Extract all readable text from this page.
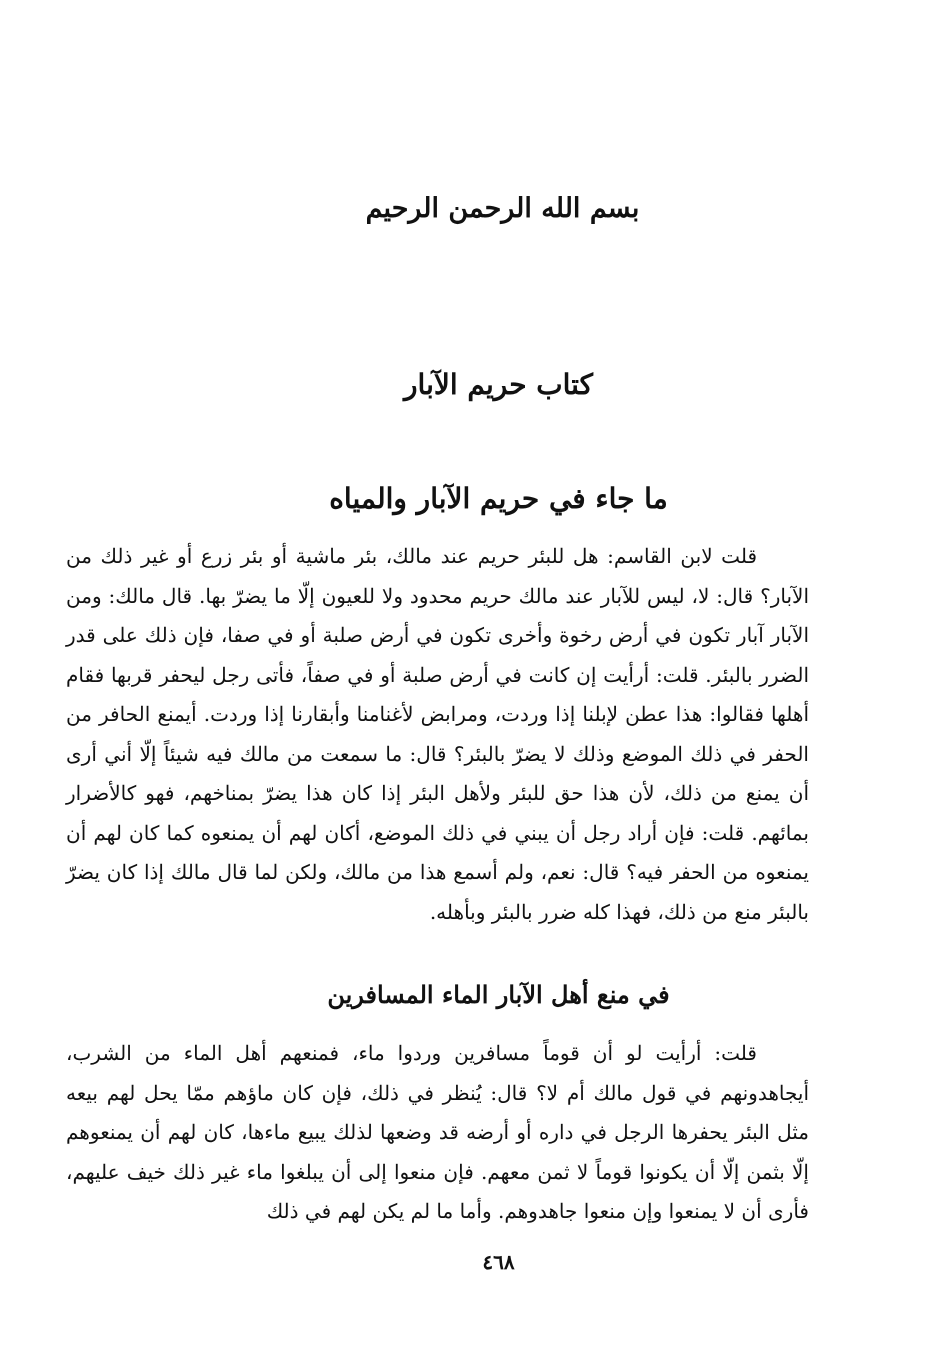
بسم الله الرحمن الرحيم
كتاب حريم الآبار
ما جاء في حريم الآبار والمياه

قلت لابن القاسم: هل للبئر حريم عند مالك، بئر ماشية أو بئر زرع أو غير ذلك من الآبار؟ قال: لا، ليس للآبار عند مالك حريم محدود ولا للعيون إلّا ما يضرّ بها. قال مالك: ومن الآبار آبار تكون في أرض رخوة وأخرى تكون في أرض صلبة أو في صفا، فإن ذلك على قدر الضرر بالبئر. قلت: أرأيت إن كانت في أرض صلبة أو في صفاً، فأتى رجل ليحفر قربها فقام أهلها فقالوا: هذا عطن لإبلنا إذا وردت، ومرابض لأغنامنا وأبقارنا إذا وردت. أيمنع الحافر من الحفر في ذلك الموضع وذلك لا يضرّ بالبئر؟ قال: ما سمعت من مالك فيه شيئاً إلّا أني أرى أن يمنع من ذلك، لأن هذا حق للبئر ولأهل البئر إذا كان هذا يضرّ بمناخهم، فهو كالأضرار بمائهم. قلت: فإن أراد رجل أن يبني في ذلك الموضع، أكان لهم أن يمنعوه كما كان لهم أن يمنعوه من الحفر فيه؟ قال: نعم، ولم أسمع هذا من مالك، ولكن لما قال مالك إذا كان يضرّ بالبئر منع من ذلك، فهذا كله ضرر بالبئر وبأهله.

في منع أهل الآبار الماء المسافرين

قلت: أرأيت لو أن قوماً مسافرين وردوا ماء، فمنعهم أهل الماء من الشرب، أيجاهدونهم في قول مالك أم لا؟ قال: يُنظر في ذلك، فإن كان ماؤهم ممّا يحل لهم بيعه مثل البئر يحفرها الرجل في داره أو أرضه قد وضعها لذلك يبيع ماءها، كان لهم أن يمنعوهم إلّا بثمن إلّا أن يكونوا قوماً لا ثمن معهم. فإن منعوا إلى أن يبلغوا ماء غير ذلك خيف عليهم، فأرى أن لا يمنعوا وإن منعوا جاهدوهم. وأما ما لم يكن لهم في ذلك

٤٦٨
